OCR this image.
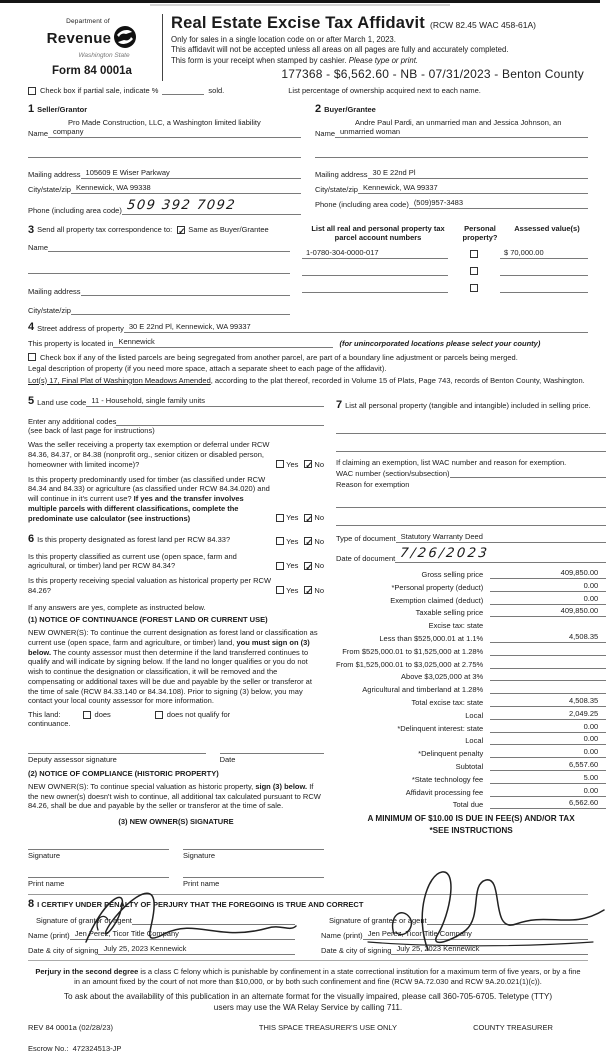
Department of
Revenue
Washington State
Form 84 0001a
Real Estate Excise Tax Affidavit (RCW 82.45 WAC 458-61A)
Only for sales in a single location code on or after March 1, 2023.
This affidavit will not be accepted unless all areas on all pages are fully and accurately completed.
This form is your receipt when stamped by cashier. Please type or print.
177368 - $6,562.60 - NB - 07/31/2023 - Benton County
Check box if partial sale, indicate %	sold.	List percentage of ownership acquired next to each name.
1 Seller/Grantor
Pro Made Construction, LLC, a Washington limited liability
Name company
Mailing address 105609 E Wiser Parkway
City/state/zip Kennewick, WA 99338
Phone (including area code) 509 392 7092
2 Buyer/Grantee
Andre Paul Pardi, an unmarried man and Jessica Johnson, an
Name unmarried woman
Mailing address 30 E 22nd Pl
City/state/zip Kennewick, WA 99337
Phone (including area code) (509)957-3483
3 Send all property tax correspondence to: ✓ Same as Buyer/Grantee
Name
Mailing address
City/state/zip
List all real and personal property tax parcel account numbers
Personal property?
Assessed value(s)
1-0780-304-0000-017	$ 70,000.00
4 Street address of property 30 E 22nd Pl, Kennewick, WA 99337
This property is located in Kennewick	(for unincorporated locations please select your county)
Check box if any of the listed parcels are being segregated from another parcel, are part of a boundary line adjustment or parcels being merged.
Legal description of property (if you need more space, attach a separate sheet to each page of the affidavit).
Lot(s) 17, Final Plat of Washington Meadows Amended, according to the plat thereof, recorded in Volume 15 of Plats, Page 743, records of Benton County, Washington.
5 Land use code 11 - Household, single family units
Enter any additional codes
(see back of last page for instructions)
Was the seller receiving a property tax exemption or deferral under RCW 84.36, 84.37, or 84.38 (nonprofit org., senior citizen or disabled person, homeowner with limited income)?	Yes ✓ No
Is this property predominantly used for timber (as classified under RCW 84.34 and 84.33) or agriculture (as classified under RCW 84.34.020) and will continue in it's current use? If yes and the transfer involves multiple parcels with different classifications, complete the predominate use calculator (see instructions)	Yes ✓ No
6 Is this property designated as forest land per RCW 84.33?	Yes ✓ No
Is this property classified as current use (open space, farm and agricultural, or timber) land per RCW 84.34?	Yes ✓ No
Is this property receiving special valuation as historical property per RCW 84.26?	Yes ✓ No
If any answers are yes, complete as instructed below.
(1) NOTICE OF CONTINUANCE (FOREST LAND OR CURRENT USE)
NEW OWNER(S): To continue the current designation as forest land or classification as current use (open space, farm and agriculture, or timber) land, you must sign on (3) below. The county assessor must then determine if the land transferred continues to qualify and will indicate by signing below. If the land no longer qualifies or you do not wish to continue the designation or classification, it will be removed and the compensating or additional taxes will be due and payable by the seller or transferor at the time of sale (RCW 84.33.140 or 84.34.108). Prior to signing (3) below, you may contact your local county assessor for more information.
This land:	does	does not qualify for
continuance.
Deputy assessor signature	Date
(2) NOTICE OF COMPLIANCE (HISTORIC PROPERTY)
NEW OWNER(S): To continue special valuation as historic property, sign (3) below. If the new owner(s) doesn't wish to continue, all additional tax calculated pursuant to RCW 84.26, shall be due and payable by the seller or transferor at the time of sale.
(3) NEW OWNER(S) SIGNATURE
Signature	Signature
Print name	Print name
7 List all personal property (tangible and intangible) included in selling price.
If claiming an exemption, list WAC number and reason for exemption.
WAC number (section/subsection)
Reason for exemption
Type of document Statutory Warranty Deed
Date of document 7/26/2023
Gross selling price	409,850.00
*Personal property (deduct)	0.00
Exemption claimed (deduct)	0.00
Taxable selling price	409,850.00
Excise tax: state
Less than $525,000.01 at 1.1%	4,508.35
From $525,000.01 to $1,525,000 at 1.28%
From $1,525,000.01 to $3,025,000 at 2.75%
Above $3,025,000 at 3%
Agricultural and timberland at 1.28%
Total excise tax: state	4,508.35
Local	2,049.25
*Delinquent interest: state	0.00
Local	0.00
*Delinquent penalty	0.00
Subtotal	6,557.60
*State technology fee	5.00
Affidavit processing fee	0.00
Total due	6,562.60
A MINIMUM OF $10.00 IS DUE IN FEE(S) AND/OR TAX
*SEE INSTRUCTIONS
8 I CERTIFY UNDER PENALTY OF PERJURY THAT THE FOREGOING IS TRUE AND CORRECT
Signature of grantor or agent
Name (print) Jen Perez, Ticor Title Company
Date & city of signing July 25, 2023 Kennewick
Signature of grantee or agent
Name (print) Jen Perez, Ticor Title Company
Date & city of signing July 25, 2023 Kennewick
Perjury in the second degree is a class C felony which is punishable by confinement in a state correctional institution for a maximum term of five years, or by a fine in an amount fixed by the court of not more than $10,000, or by both such confinement and fine (RCW 9A.72.030 and RCW 9A.20.021(1)(c)).
To ask about the availability of this publication in an alternate format for the visually impaired, please call 360-705-6705. Teletype (TTY) users may use the WA Relay Service by calling 711.
REV 84 0001a (02/28/23)	THIS SPACE TREASURER'S USE ONLY	COUNTY TREASURER
Escrow No.: 472324513-JP
